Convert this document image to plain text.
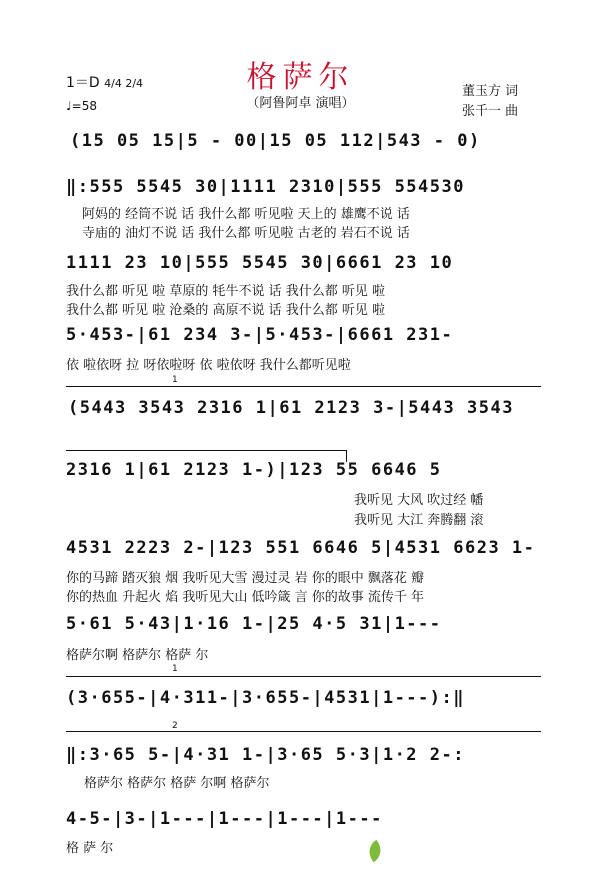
格萨尔
（阿鲁阿卓 演唱）
1＝D 4/4 2/4
♩=58
董玉方 词
张千一 曲
(15 05 15|5 - 00|15 05 112|543 - 0)
‖:555 5545 30|1111 2310|555 554530
阿妈的 经筒不说 话 我什么都 听见啦 天上的 雄鹰不说 话
寺庙的 油灯不说 话 我什么都 听见啦 古老的 岩石不说 话
1111 23 10|555 5545 30|6661 23 10
我什么都 听见 啦 草原的 牦牛不说 话 我什么都 听见 啦
我什么都 听见 啦 沧桑的 高原不说 话 我什么都 听见 啦
5·453-|61 234 3-|5·453-|6661 231-
依 啦依呀 拉 呀依啦呀 依 啦依呀 我什么都听见啦
1
(5443 3543 2316 1|61 2123 3-|5443 3543
2316 1|61 2123 1-)|123 55 6646 5
我听见 大风 吹过经 幡
我听见 大江 奔腾翻 滚
4531 2223 2-|123 551 6646 5|4531 6623 1-
你的马蹄 踏灭狼 烟 我听见大雪 漫过灵 岩 你的眼中 飘落花 瓣
你的热血 升起火 焰 我听见大山 低吟箴 言 你的故事 流传千 年
5·61 5·43|1·16 1-|25 4·5 31|1---
格萨尔啊 格萨尔 格萨 尔
1
(3·655-|4·311-|3·655-|4531|1---):‖
2
‖:3·65 5-|4·31 1-|3·65 5·3|1·2 2-:
格萨尔 格萨尔 格萨 尔啊 格萨尔
4-5-|3-|1---|1---|1---|1---
格 萨 尔
